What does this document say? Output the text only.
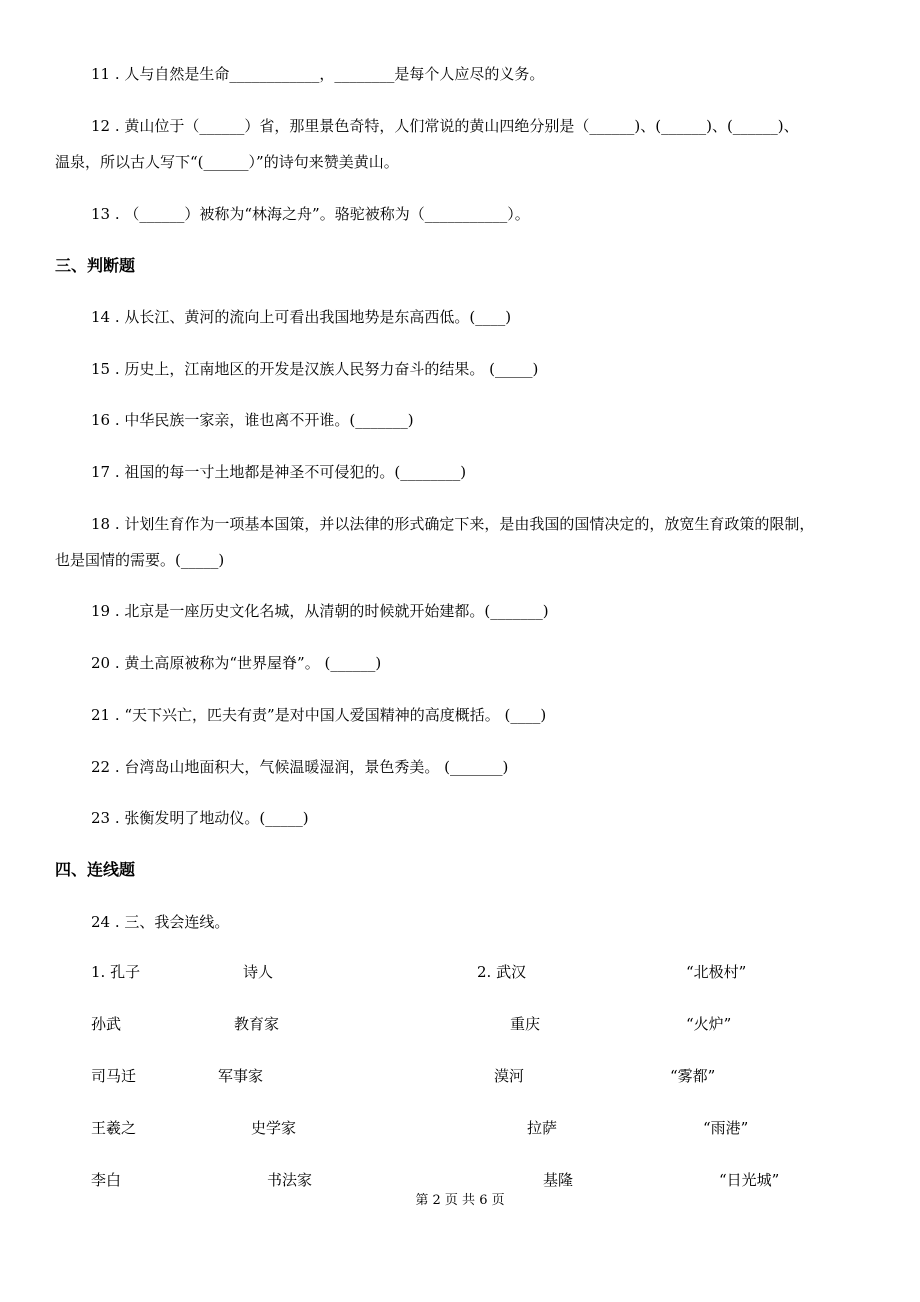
11 . 人与自然是生命____________，________是每个人应尽的义务。
12 . 黄山位于（______）省，那里景色奇特，人们常说的黄山四绝分别是（______)、(______)、(______)、
温泉，所以古人写下“(______）”的诗句来赞美黄山。
13 . （______）被称为“林海之舟”。骆驼被称为（___________）。
三、判断题
14 . 从长江、黄河的流向上可看出我国地势是东高西低。(____)
15 . 历史上，江南地区的开发是汉族人民努力奋斗的结果。 (_____)
16 . 中华民族一家亲，谁也离不开谁。(_______)
17 . 祖国的每一寸土地都是神圣不可侵犯的。(________)
18 . 计划生育作为一项基本国策，并以法律的形式确定下来，是由我国的国情决定的，放宽生育政策的限制，
也是国情的需要。(_____)
19 . 北京是一座历史文化名城，从清朝的时候就开始建都。(_______)
20 . 黄土高原被称为“世界屋脊”。 (______)
21 . “天下兴亡，匹夫有责”是对中国人爱国精神的高度概括。 (____)
22 . 台湾岛山地面积大，气候温暖湿润，景色秀美。 (_______)
23 . 张衡发明了地动仪。(_____)
四、连线题
24 . 三、我会连线。
1. 孔子	诗人	2. 武汉	“北极村”
孙武	教育家	重庆	“火炉”
司马迁	军事家	漠河	“雾都”
王羲之	史学家	拉萨	“雨港”
李白	书法家	基隆	“日光城”
第 2 页 共 6 页
